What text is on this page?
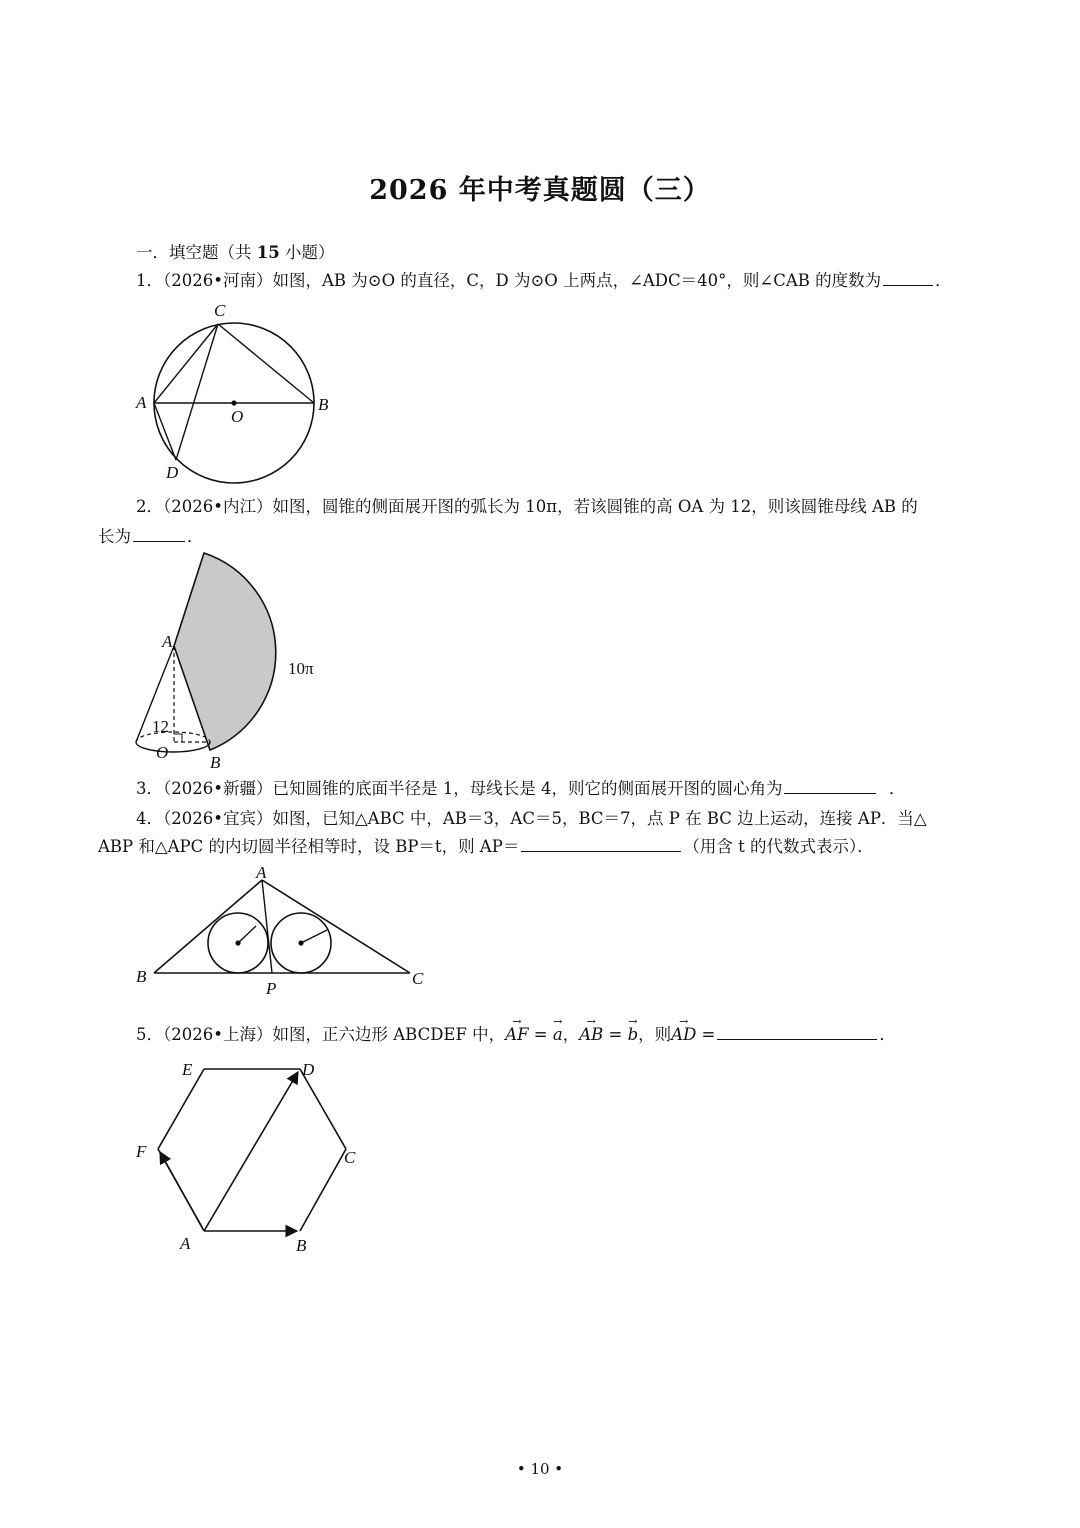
2026 年中考真题圆（三）
一．填空题（共 15 小题）
1．（2026•河南）如图，AB 为⊙O 的直径，C，D 为⊙O 上两点，∠ADC＝40°，则∠CAB 的度数为	．
C
A
O
B
D
2．（2026•内江）如图，圆锥的侧面展开图的弧长为 10π，若该圆锥的高 OA 为 12，则该圆锥母线 AB 的
长为	．
A
12
O
B
10π
3．（2026•新疆）已知圆锥的底面半径是 1，母线长是 4，则它的侧面展开图的圆心角为	．
4．（2026•宜宾）如图，已知△ABC 中，AB＝3，AC＝5，BC＝7，点 P 在 BC 边上运动，连接 AP．当△
ABP 和△APC 的内切圆半径相等时，设 BP＝t，则 AP＝	（用含 t 的代数式表示）．
A
B
P
C
5．（2026•上海）如图，正六边形 ABCDEF 中，→ AF = → a，→ AB = → b，则→ AD =	．
E	D
F	C
A	B
• 10 •
